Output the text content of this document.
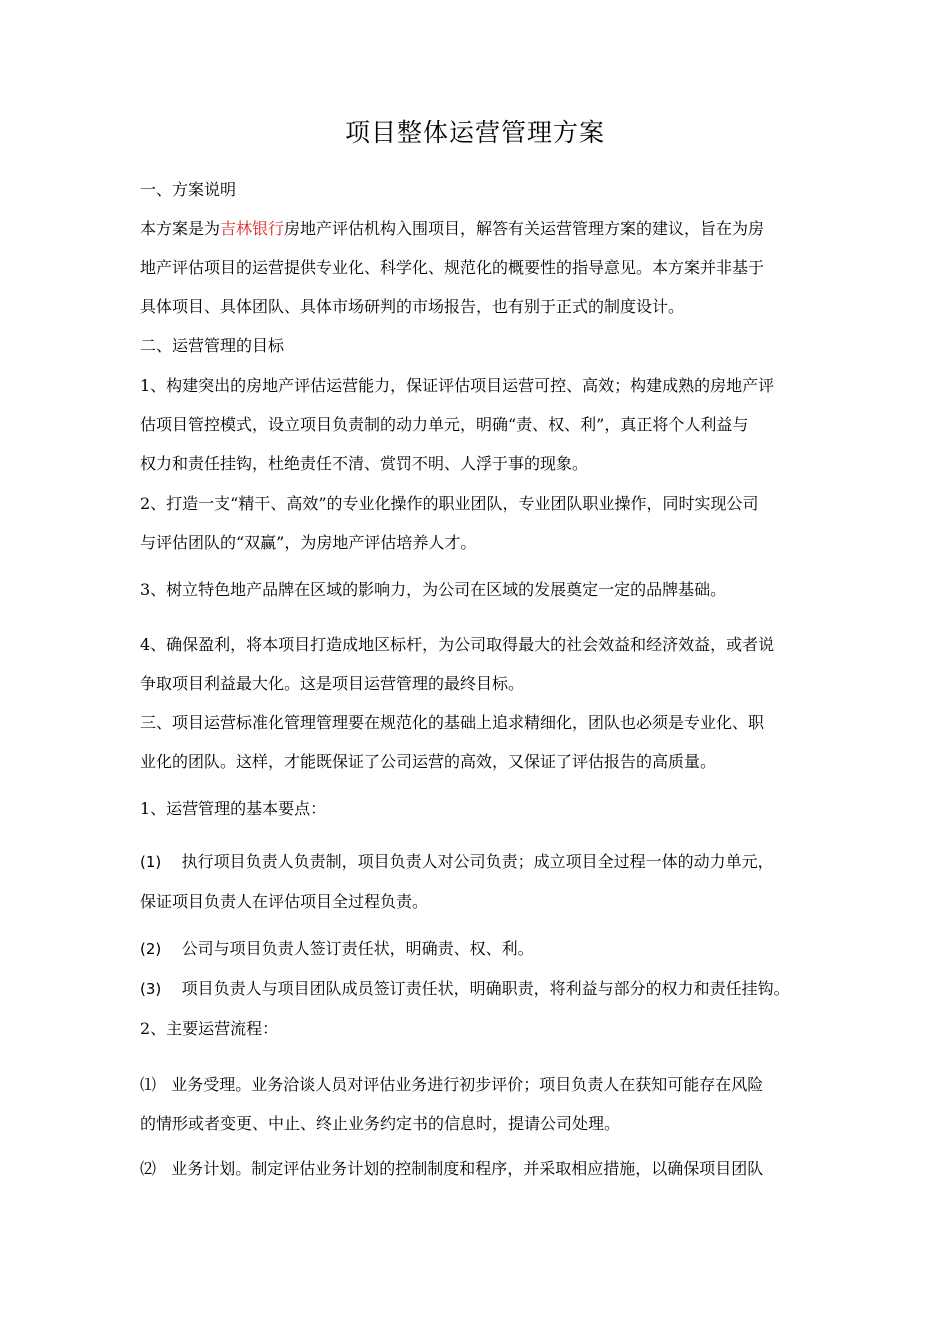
项目整体运营管理方案
一、方案说明
本方案是为吉林银行房地产评估机构入围项目，解答有关运营管理方案的建议，旨在为房
地产评估项目的运营提供专业化、科学化、规范化的概要性的指导意见。本方案并非基于
具体项目、具体团队、具体市场研判的市场报告，也有别于正式的制度设计。
二、运营管理的目标
1、构建突出的房地产评估运营能力，保证评估项目运营可控、高效；构建成熟的房地产评
估项目管控模式，设立项目负责制的动力单元，明确“责、权、利”，真正将个人利益与
权力和责任挂钩，杜绝责任不清、赏罚不明、人浮于事的现象。
2、打造一支“精干、高效”的专业化操作的职业团队，专业团队职业操作，同时实现公司
与评估团队的“双赢”，为房地产评估培养人才。
3、树立特色地产品牌在区域的影响力，为公司在区域的发展奠定一定的品牌基础。
4、确保盈利，将本项目打造成地区标杆，为公司取得最大的社会效益和经济效益，或者说
争取项目利益最大化。这是项目运营管理的最终目标。
三、项目运营标准化管理管理要在规范化的基础上追求精细化，团队也必须是专业化、职
业化的团队。这样，才能既保证了公司运营的高效，又保证了评估报告的高质量。
1、运营管理的基本要点：
(1) 执行项目负责人负责制，项目负责人对公司负责；成立项目全过程一体的动力单元，
保证项目负责人在评估项目全过程负责。
(2) 公司与项目负责人签订责任状，明确责、权、利。
(3) 项目负责人与项目团队成员签订责任状，明确职责，将利益与部分的权力和责任挂钩。
2、主要运营流程：
⑴ 业务受理。业务洽谈人员对评估业务进行初步评价；项目负责人在获知可能存在风险
的情形或者变更、中止、终止业务约定书的信息时，提请公司处理。
⑵ 业务计划。制定评估业务计划的控制制度和程序，并采取相应措施，以确保项目团队
